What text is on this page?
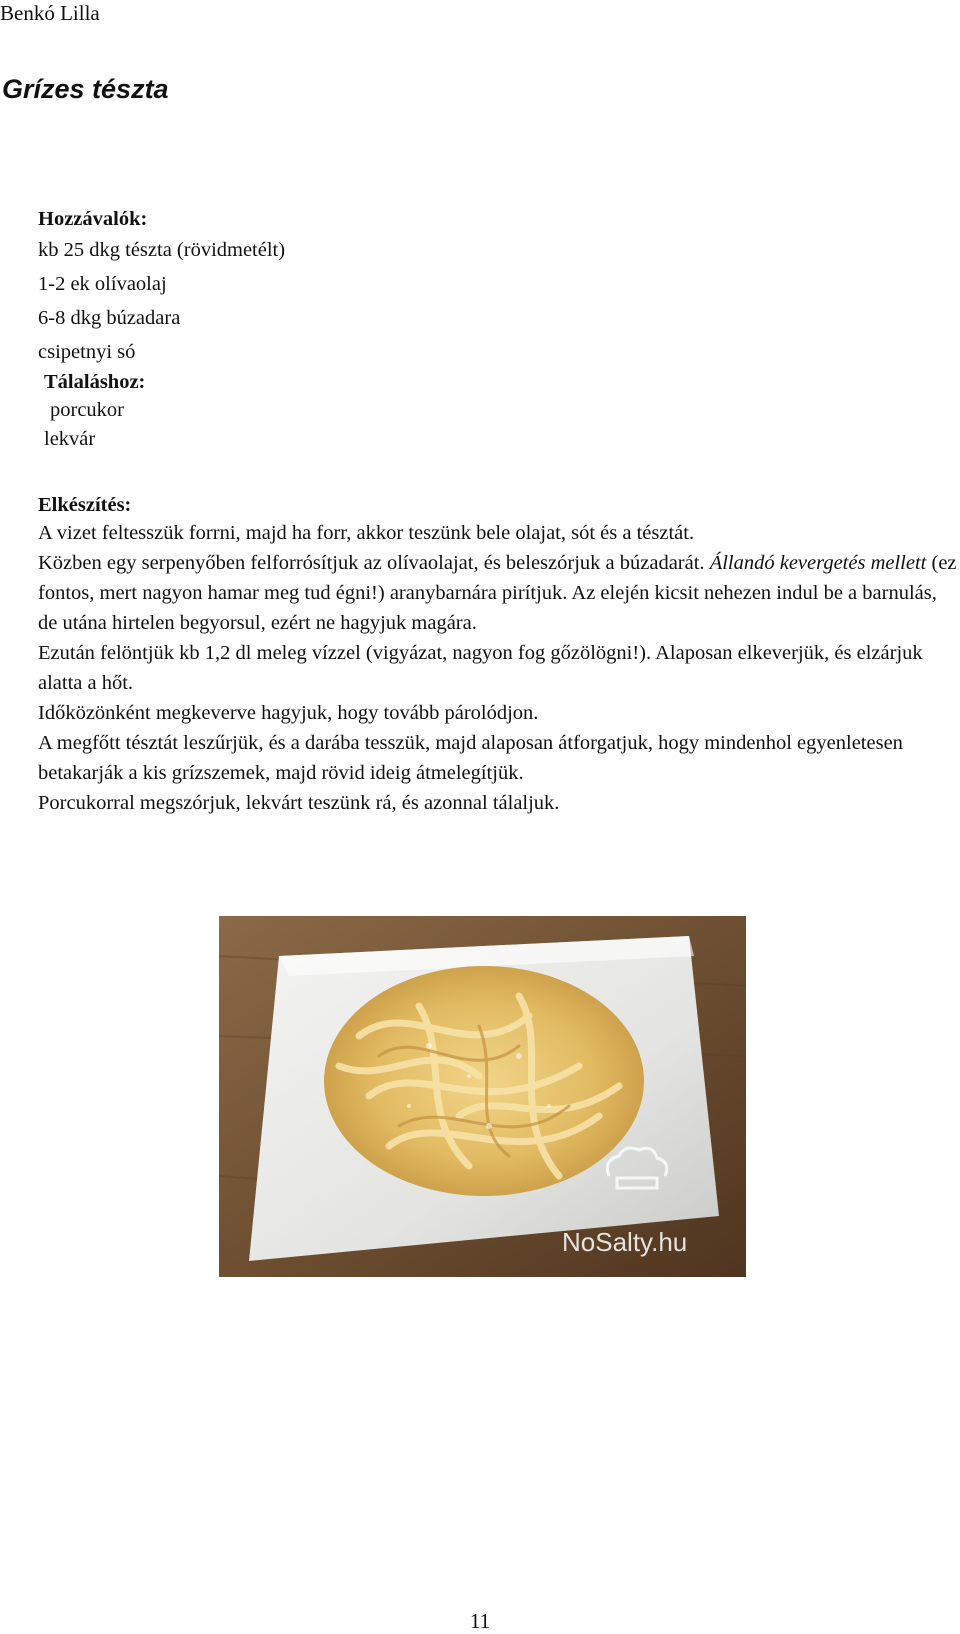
Benkó Lilla
Grízes tészta
Hozzávalók:
kb 25 dkg tészta (rövidmetélt)
1-2 ek olívaolaj
6-8 dkg búzadara
csipetnyi só
Tálaláshoz:
porcukor
lekvár
Elkészítés:

A vizet feltesszük forrni, majd ha forr, akkor teszünk bele olajat, sót és a tésztát.

Közben egy serpenyőben felforrósítjuk az olívaolajat, és beleszórjuk a búzadarát. Állandó kevergetés mellett (ez fontos, mert nagyon hamar meg tud égni!) aranybarnára pirítjuk. Az elején kicsit nehezen indul be a barnulás, de utána hirtelen begyorsul, ezért ne hagyjuk magára.

Ezután felöntjük kb 1,2 dl meleg vízzel (vigyázat, nagyon fog gőzölögni!). Alaposan elkeverjük, és elzárjuk alatta a hőt.

Időközönként megkeverve hagyjuk, hogy tovább párolódjon.

A megfőtt tésztát leszűrjük, és a darába tesszük, majd alaposan átforgatjuk, hogy mindenhol egyenletesen betakarják a kis grízszemek, majd rövid ideig átmelegítjük.

Porcukorral megszórjuk, lekvárt teszünk rá, és azonnal tálaljuk.

NoSalty.hu
11
